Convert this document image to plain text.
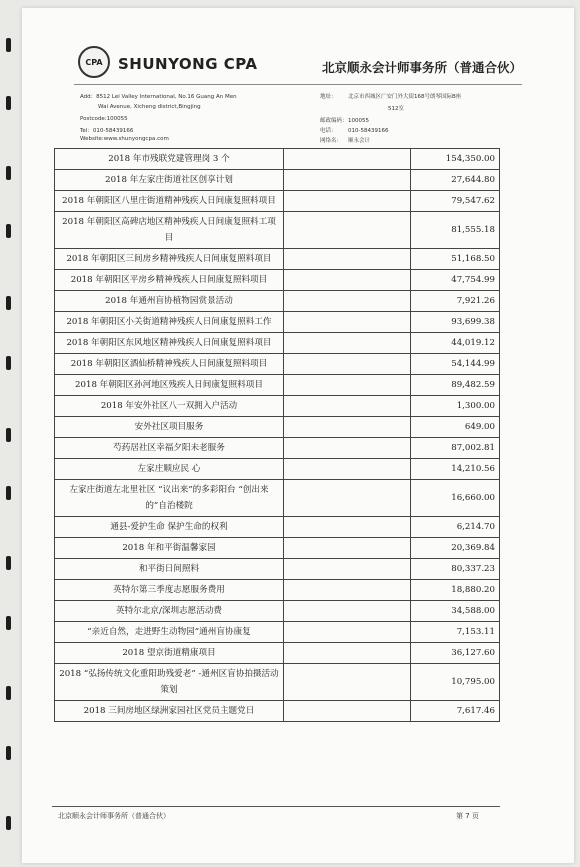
CPA SHUNYONG CPA	北京顺永会计师事务所（普通合伙）
Add：8512 Lei Valley International, No.16 Guang An Men
Wai Avenue, Xicheng district,Bingjing
Postcode:100055
Tel：010-58439166
Website:www.shunyongcpa.com
地址： 北京市西城区广安门外大街168号朗琴国际B座
512室
邮政编码：100055
电话： 010-58439166
网络名： 顺永会计
2018 年市残联党建管理岗 3 个		154,350.00
2018 年左家庄街道社区创享计划		27,644.80
2018 年朝阳区八里庄街道精神残疾人日间康复照料项目		79,547.62
2018 年朝阳区高碑店地区精神残疾人日间康复照料工项目		81,555.18
2018 年朝阳区三间房乡精神残疾人日间康复照料项目		51,168.50
2018 年朝阳区平房乡精神残疾人日间康复照料项目		47,754.99
2018 年通州盲协植物园赏景活动		7,921.26
2018 年朝阳区小关街道精神残疾人日间康复照料工作		93,699.38
2018 年朝阳区东风地区精神残疾人日间康复照料项目		44,019.12
2018 年朝阳区酒仙桥精神残疾人日间康复照料项目		54,144.99
2018 年朝阳区孙河地区残疾人日间康复照料项目		89,482.59
2018 年安外社区八一双拥入户活动		1,300.00
安外社区项目服务		649.00
芍药居社区幸福夕阳未老服务		87,002.81
左家庄顺应民 心		14,210.56
左家庄街道左北里社区 “议出来”的多彩阳台 “创出来的”自治楼院		16,660.00
通县-爱护生命 保护生命的权利		6,214.70
2018 年和平街温馨家园		20,369.84
和平街日间照料		80,337.23
英特尔第三季度志愿服务费用		18,880.20
英特尔北京/深圳志愿活动费		34,588.00
“亲近自然，走进野生动物园”通州盲协康复		7,153.11
2018 望京街道精康项目		36,127.60
2018 “弘扬传统文化重阳助残爱老” -通州区盲协拍摄活动策划		10,795.00
2018 三间房地区绿洲家园社区党员主题党日		7,617.46
北京顺永会计师事务所（普通合伙）	第 7 页
